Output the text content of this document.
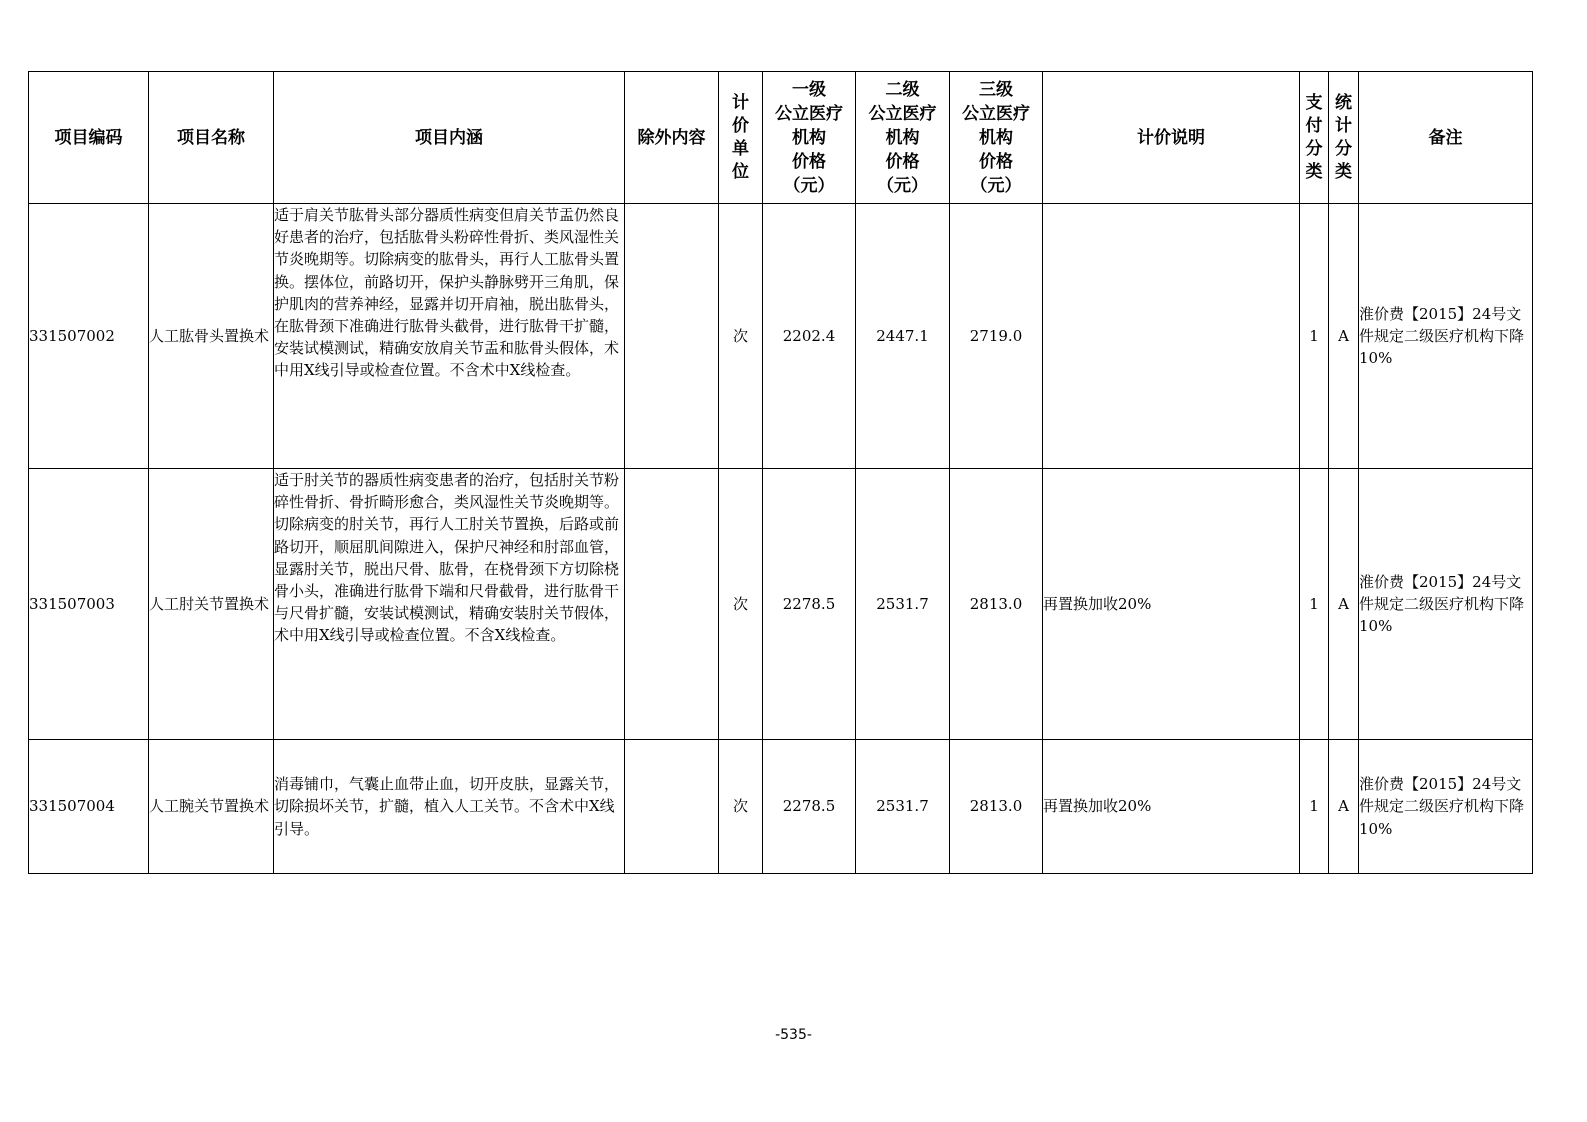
项目编码	项目名称	项目内涵	除外内容	计价单位	一级
公立医疗
机构
价格
（元）	二级
公立医疗
机构
价格
（元）	三级
公立医疗
机构
价格
（元）	计价说明	支付分类	统计分类	备注
331507002	人工肱骨头置换术	适于肩关节肱骨头部分器质性病变但肩关节盂仍然良好患者的治疗，包括肱骨头粉碎性骨折、类风湿性关节炎晚期等。切除病变的肱骨头，再行人工肱骨头置换。摆体位，前路切开，保护头静脉劈开三角肌，保护肌肉的营养神经，显露并切开肩袖，脱出肱骨头，在肱骨颈下准确进行肱骨头截骨，进行肱骨干扩髓，安装试模测试，精确安放肩关节盂和肱骨头假体，术中用X线引导或检查位置。不含术中X线检查。		次	2202.4	2447.1	2719.0		1	A	淮价费【2015】24号文件规定二级医疗机构下降10%
331507003	人工肘关节置换术	适于肘关节的器质性病变患者的治疗，包括肘关节粉碎性骨折、骨折畸形愈合，类风湿性关节炎晚期等。切除病变的肘关节，再行人工肘关节置换，后路或前路切开，顺屈肌间隙进入，保护尺神经和肘部血管，显露肘关节，脱出尺骨、肱骨，在桡骨颈下方切除桡骨小头，准确进行肱骨下端和尺骨截骨，进行肱骨干与尺骨扩髓，安装试模测试，精确安装肘关节假体，术中用X线引导或检查位置。不含X线检查。		次	2278.5	2531.7	2813.0	再置换加收20%	1	A	淮价费【2015】24号文件规定二级医疗机构下降10%
331507004	人工腕关节置换术	消毒铺巾，气囊止血带止血，切开皮肤，显露关节，切除损坏关节，扩髓，植入人工关节。不含术中X线引导。		次	2278.5	2531.7	2813.0	再置换加收20%	1	A	淮价费【2015】24号文件规定二级医疗机构下降10%
-535-
